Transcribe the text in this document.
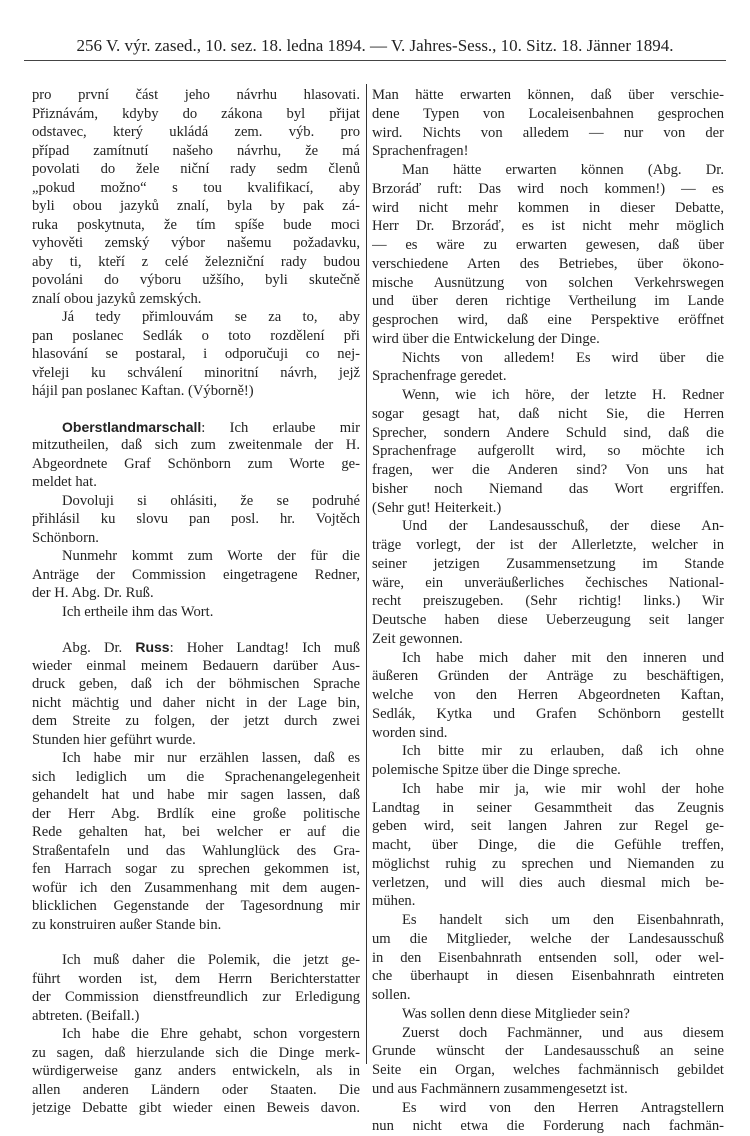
256 V. výr. zased., 10. sez. 18. ledna 1894. — V. Jahres-Sess., 10. Sitz. 18. Jänner 1894.
pro první část jeho návrhu hlasovati.
Přiznávám, kdyby do zákona byl přijat
odstavec, který ukládá zem. výb. pro
případ zamítnutí našeho návrhu, že má
povolati do žele niční rady sedm členů
„pokud možno“ s tou kvalifikací, aby
byli obou jazyků znalí, byla by pak zá-
ruka poskytnuta, že tím spíše bude moci
vyhověti zemský výbor našemu požadavku,
aby ti, kteří z celé železniční rady budou
povoláni do výboru užšího, byli skutečně
znalí obou jazyků zemských.
Já tedy přimlouvám se za to, aby
pan poslanec Sedlák o toto rozdělení při
hlasování se postaral, i odporučuji co nej-
vřeleji ku schválení minoritní návrh, jejž
hájil pan poslanec Kaftan. (Výborně!)
Oberstlandmarschall: Ich erlaube mir
mitzutheilen, daß sich zum zweitenmale der H.
Abgeordnete Graf Schönborn zum Worte ge-
meldet hat.
Dovoluji si ohlásiti, že se podruhé
přihlásil ku slovu pan posl. hr. Vojtěch
Schönborn.
Nunmehr kommt zum Worte der für die
Anträge der Commission eingetragene Redner,
der H. Abg. Dr. Ruß.
Ich ertheile ihm das Wort.
Abg. Dr. Russ: Hoher Landtag! Ich muß
wieder einmal meinem Bedauern darüber Aus-
druck geben, daß ich der böhmischen Sprache
nicht mächtig und daher nicht in der Lage bin,
dem Streite zu folgen, der jetzt durch zwei
Stunden hier geführt wurde.
Ich habe mir nur erzählen lassen, daß es
sich lediglich um die Sprachenangelegenheit
gehandelt hat und habe mir sagen lassen, daß
der Herr Abg. Brdlík eine große politische
Rede gehalten hat, bei welcher er auf die
Straßentafeln und das Wahlunglück des Gra-
fen Harrach sogar zu sprechen gekommen ist,
wofür ich den Zusammenhang mit dem augen-
blicklichen Gegenstande der Tagesordnung mir
zu konstruiren außer Stande bin.
Ich muß daher die Polemik, die jetzt ge-
führt worden ist, dem Herrn Berichterstatter
der Commission dienstfreundlich zur Erledigung
abtreten. (Beifall.)
Ich habe die Ehre gehabt, schon vorgestern
zu sagen, daß hierzulande sich die Dinge merk-
würdigerweise ganz anders entwickeln, als in
allen anderen Ländern oder Staaten. Die
jetzige Debatte gibt wieder einen Beweis davon.
Man hätte erwarten können, daß über verschie-
dene Typen von Localeisenbahnen gesprochen
wird. Nichts von alledem — nur von der
Sprachenfragen!
Man hätte erwarten können (Abg. Dr.
Brzoráď ruft: Das wird noch kommen!) — es
wird nicht mehr kommen in dieser Debatte,
Herr Dr. Brzoráď, es ist nicht mehr möglich
— es wäre zu erwarten gewesen, daß über
verschiedene Arten des Betriebes, über ökono-
mische Ausnützung von solchen Verkehrswegen
und über deren richtige Vertheilung im Lande
gesprochen wird, daß eine Perspektive eröffnet
wird über die Entwickelung der Dinge.
Nichts von alledem! Es wird über die
Sprachenfrage geredet.
Wenn, wie ich höre, der letzte H. Redner
sogar gesagt hat, daß nicht Sie, die Herren
Sprecher, sondern Andere Schuld sind, daß die
Sprachenfrage aufgerollt wird, so möchte ich
fragen, wer die Anderen sind? Von uns hat
bisher noch Niemand das Wort ergriffen.
(Sehr gut! Heiterkeit.)
Und der Landesausschuß, der diese An-
träge vorlegt, der ist der Allerletzte, welcher in
seiner jetzigen Zusammensetzung im Stande
wäre, ein unveräußerliches čechisches National-
recht preiszugeben. (Sehr richtig! links.) Wir
Deutsche haben diese Ueberzeugung seit langer
Zeit gewonnen.
Ich habe mich daher mit den inneren und
äußeren Gründen der Anträge zu beschäftigen,
welche von den Herren Abgeordneten Kaftan,
Sedlák, Kytka und Grafen Schönborn gestellt
worden sind.
Ich bitte mir zu erlauben, daß ich ohne
polemische Spitze über die Dinge spreche.
Ich habe mir ja, wie mir wohl der hohe
Landtag in seiner Gesammtheit das Zeugnis
geben wird, seit langen Jahren zur Regel ge-
macht, über Dinge, die die Gefühle treffen,
möglichst ruhig zu sprechen und Niemanden zu
verletzen, und will dies auch diesmal mich be-
mühen.
Es handelt sich um den Eisenbahnrath,
um die Mitglieder, welche der Landesausschuß
in den Eisenbahnrath entsenden soll, oder wel-
che überhaupt in diesen Eisenbahnrath eintreten
sollen.
Was sollen denn diese Mitglieder sein?
Zuerst doch Fachmänner, und aus diesem
Grunde wünscht der Landesausschuß an seine
Seite ein Organ, welches fachmännisch gebildet
und aus Fachmännern zusammengesetzt ist.
Es wird von den Herren Antragstellern
nun nicht etwa die Forderung nach fachmän-
